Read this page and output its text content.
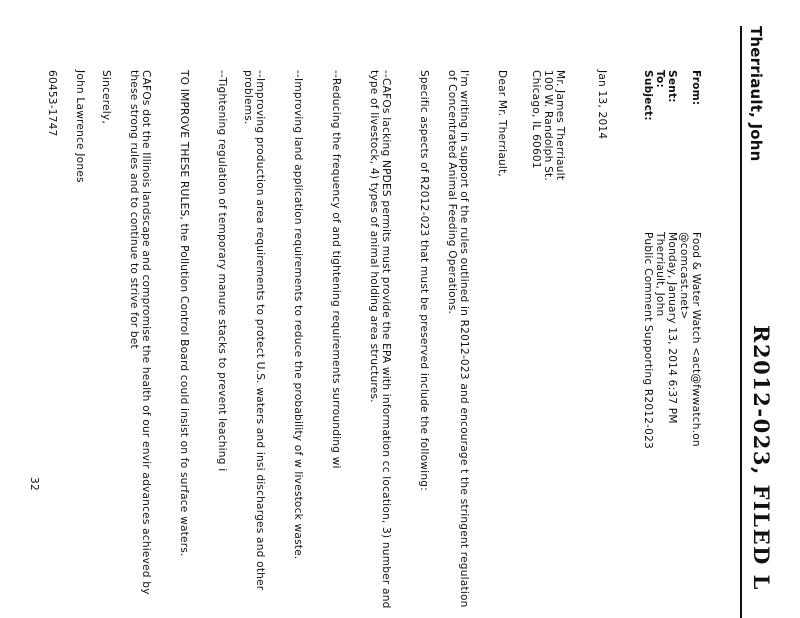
R2012-023, FILED L
Therriault, John
From:
Food & Water Watch <act@fwwatch.on
@comcast.net>
Sent:
Monday, January 13, 2014 6:37 PM
To:
Therriault, John
Subject:
Public Comment Supporting R2012-023
Jan 13, 2014
Mr. James Therriault
100 W. Randolph St.
Chicago, IL 60601
Dear Mr. Therriault,
I'm writing in support of the rules outlined in R2012-023 and encourage t the stringent regulation of Concentrated Animal Feeding Operations.
Specific aspects of R2012-023 that must be preserved include the following:
--CAFOs lacking NPDES permits must provide the EPA with information cc location, 3) number and type of livestock, 4) types of animal holding area structures.
--Reducing the frequency of and tightening requirements surrounding wi
--Improving land application requirements to reduce the probability of w livestock waste.
--Improving production area requirements to protect U.S. waters and insi discharges and other problems.
--Tightening regulation of temporary manure stacks to prevent leaching i
TO IMPROVE THESE RULES, the Pollution Control Board could insist on fo surface waters.
CAFOs dot the Illinois landscape and compromise the health of our envir advances achieved by these strong rules and to continue to strive for bet
Sincerely,
John Lawrence Jones
60453-1747
32
